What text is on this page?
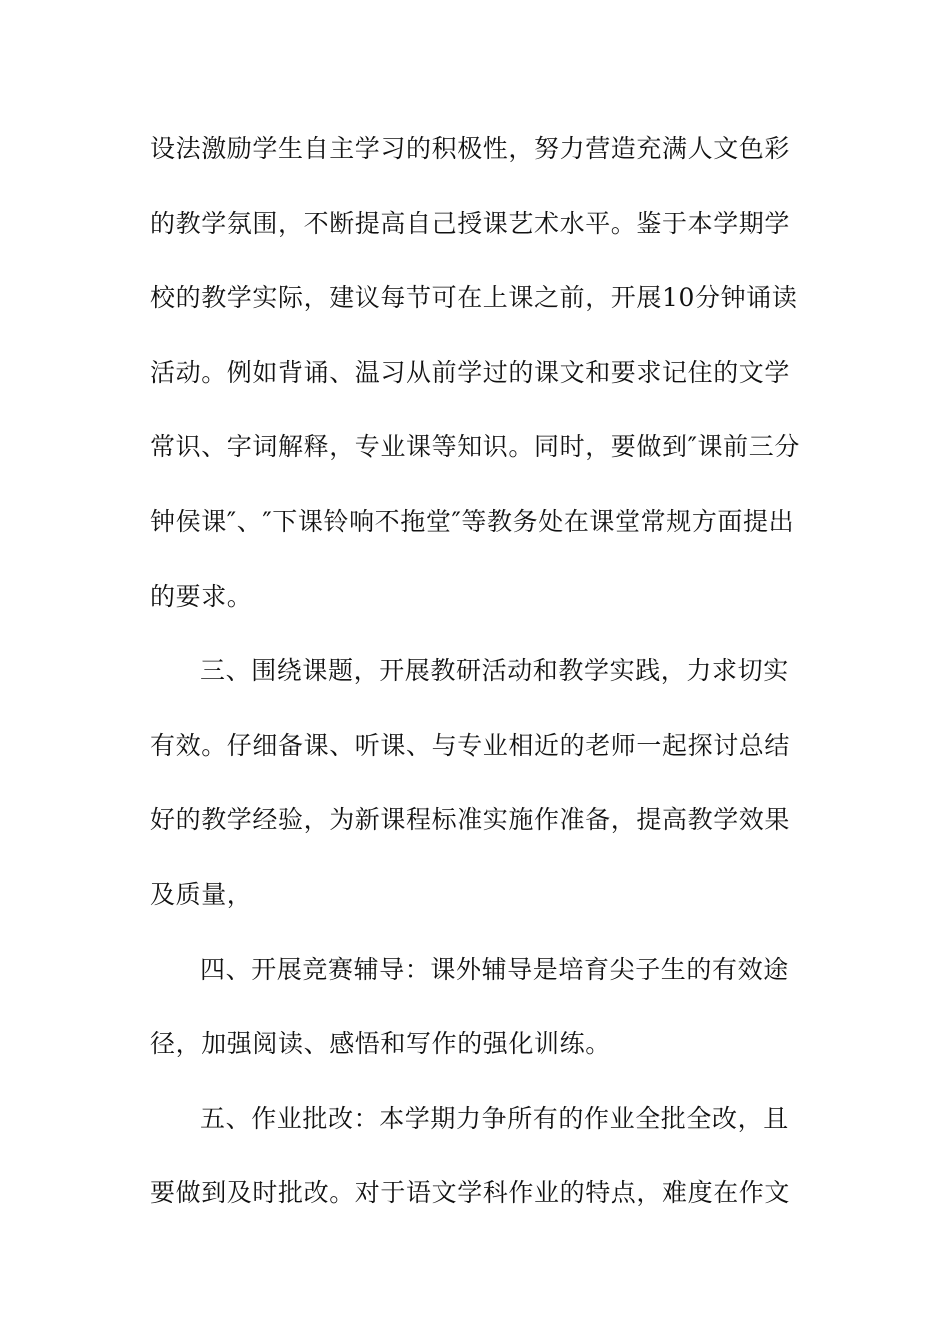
设法激励学生自主学习的积极性，努力营造充满人文色彩
的教学氛围，不断提高自己授课艺术水平。鉴于本学期学
校的教学实际，建议每节可在上课之前，开展10分钟诵读
活动。例如背诵、温习从前学过的课文和要求记住的文学
常识、字词解释，专业课等知识。同时，要做到″课前三分
钟侯课″、″下课铃响不拖堂″等教务处在课堂常规方面提出
的要求。
三、围绕课题，开展教研活动和教学实践，力求切实
有效。仔细备课、听课、与专业相近的老师一起探讨总结
好的教学经验，为新课程标准实施作准备，提高教学效果
及质量，
四、开展竞赛辅导：课外辅导是培育尖子生的有效途
径，加强阅读、感悟和写作的强化训练。
五、作业批改：本学期力争所有的作业全批全改，且
要做到及时批改。对于语文学科作业的特点，难度在作文
